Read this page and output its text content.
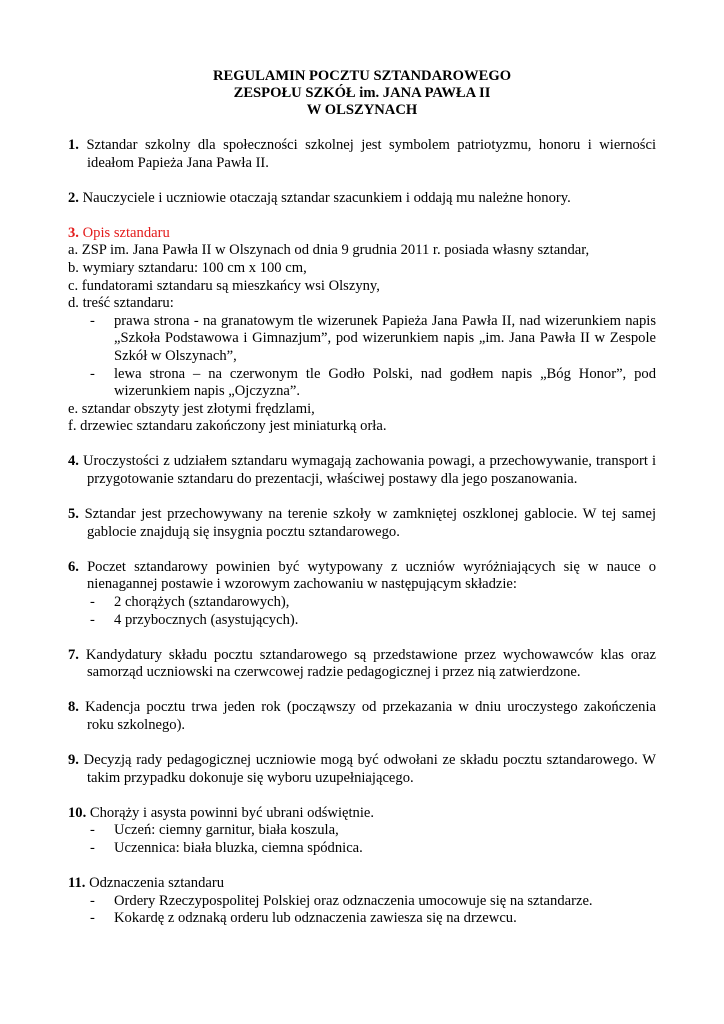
REGULAMIN POCZTU SZTANDAROWEGO
ZESPOŁU SZKÓŁ im. JANA PAWŁA II
W OLSZYNACH
1. Sztandar szkolny dla społeczności szkolnej jest symbolem patriotyzmu, honoru i wierności ideałom Papieża Jana Pawła II.
2. Nauczyciele i uczniowie otaczają sztandar szacunkiem i oddają mu należne honory.
3. Opis sztandaru
a. ZSP im. Jana Pawła II w Olszynach od dnia 9 grudnia 2011 r. posiada własny sztandar,
b. wymiary sztandaru: 100 cm x 100 cm,
c. fundatorami sztandaru są mieszkańcy wsi Olszyny,
d. treść sztandaru:
- prawa strona - na granatowym tle wizerunek Papieża Jana Pawła II, nad wizerunkiem napis „Szkoła Podstawowa i Gimnazjum”, pod wizerunkiem napis „im. Jana Pawła II w Zespole Szkół w Olszynach”,
- lewa strona – na czerwonym tle Godło Polski, nad godłem napis „Bóg Honor”, pod wizerunkiem napis „Ojczyzna”.
e. sztandar obszyty jest złotymi frędzlami,
f. drzewiec sztandaru zakończony jest miniaturką orła.
4. Uroczystości z udziałem sztandaru wymagają zachowania powagi, a przechowywanie, transport i przygotowanie sztandaru do prezentacji, właściwej postawy dla jego poszanowania.
5. Sztandar jest przechowywany na terenie szkoły w zamkniętej oszklonej gablocie. W tej samej gablocie znajdują się insygnia pocztu sztandarowego.
6. Poczet sztandarowy powinien być wytypowany z uczniów wyróżniających się w nauce o nienagannej postawie i wzorowym zachowaniu w następującym składzie:
- 2 chorążych (sztandarowych),
- 4 przybocznych (asystujących).
7. Kandydatury składu pocztu sztandarowego są przedstawione przez wychowawców klas oraz samorząd uczniowski na czerwcowej radzie pedagogicznej i przez nią zatwierdzone.
8. Kadencja pocztu trwa jeden rok (począwszy od przekazania w dniu uroczystego zakończenia roku szkolnego).
9. Decyzją rady pedagogicznej uczniowie mogą być odwołani ze składu pocztu sztandarowego. W takim przypadku dokonuje się wyboru uzupełniającego.
10. Chorąży i asysta powinni być ubrani odświętnie.
- Uczeń: ciemny garnitur, biała koszula,
- Uczennica: biała bluzka, ciemna spódnica.
11. Odznaczenia sztandaru
- Ordery Rzeczypospolitej Polskiej oraz odznaczenia umocowuje się na sztandarze.
- Kokardę z odznaką orderu lub odznaczenia zawiesza się na drzewcu.
